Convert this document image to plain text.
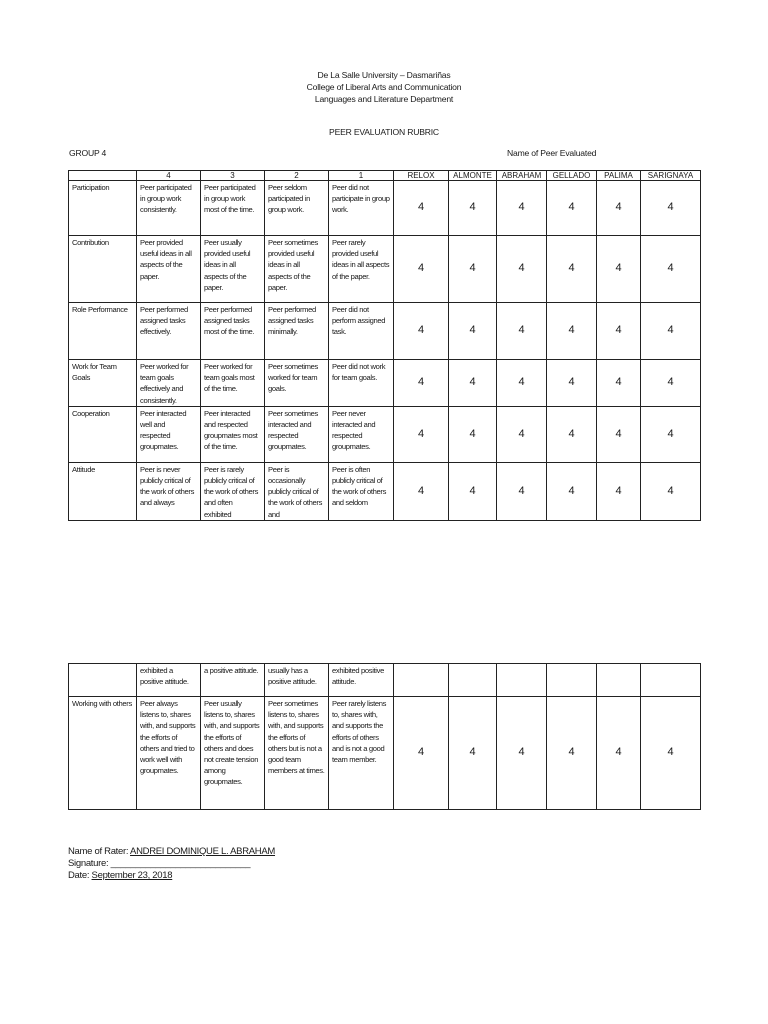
De La Salle University – Dasmariñas
College of Liberal Arts and Communication
Languages and Literature Department
PEER EVALUATION RUBRIC
GROUP 4	Name of Peer Evaluated
	4	3	2	1	RELOX	ALMONTE	ABRAHAM	GELLADO	PALIMA	SARIGNAYA
Participation	Peer participated in group work consistently.	Peer participated in group work most of the time.	Peer seldom participated in group work.	Peer did not participate in group work.	4	4	4	4	4	4
Contribution	Peer provided useful ideas in all aspects of the paper.	Peer usually provided useful ideas in all aspects of the paper.	Peer sometimes provided useful ideas in all aspects of the paper.	Peer rarely provided useful ideas in all aspects of the paper.	4	4	4	4	4	4
Role Performance	Peer performed assigned tasks effectively.	Peer performed assigned tasks most of the time.	Peer performed assigned tasks minimally.	Peer did not perform assigned task.	4	4	4	4	4	4
Work for Team Goals	Peer worked for team goals effectively and consistently.	Peer worked for team goals most of the time.	Peer sometimes worked for team goals.	Peer did not work for team goals.	4	4	4	4	4	4
Cooperation	Peer interacted well and respected groupmates.	Peer interacted and respected groupmates most of the time.	Peer sometimes interacted and respected groupmates.	Peer never interacted and respected groupmates.	4	4	4	4	4	4
Attitude	Peer is never publicly critical of the work of others and always	Peer is rarely publicly critical of the work of others and often exhibited	Peer is occasionally publicly critical of the work of others and	Peer is often publicly critical of the work of others and seldom	4	4	4	4	4	4
	exhibited a positive attitude.	a positive attitude.	usually has a positive attitude.	exhibited positive attitude.						
Working with others	Peer always listens to, shares with, and supports the efforts of others and tried to work well with groupmates.	Peer usually listens to, shares with, and supports the efforts of others and does not create tension among groupmates.	Peer sometimes listens to, shares with, and supports the efforts of others but is not a good team members at times.	Peer rarely listens to, shares with, and supports the efforts of others and is not a good team member.	4	4	4	4	4	4
Name of Rater: ANDREI DOMINIQUE L. ABRAHAM
Signature: ____________________________
Date: September 23, 2018
